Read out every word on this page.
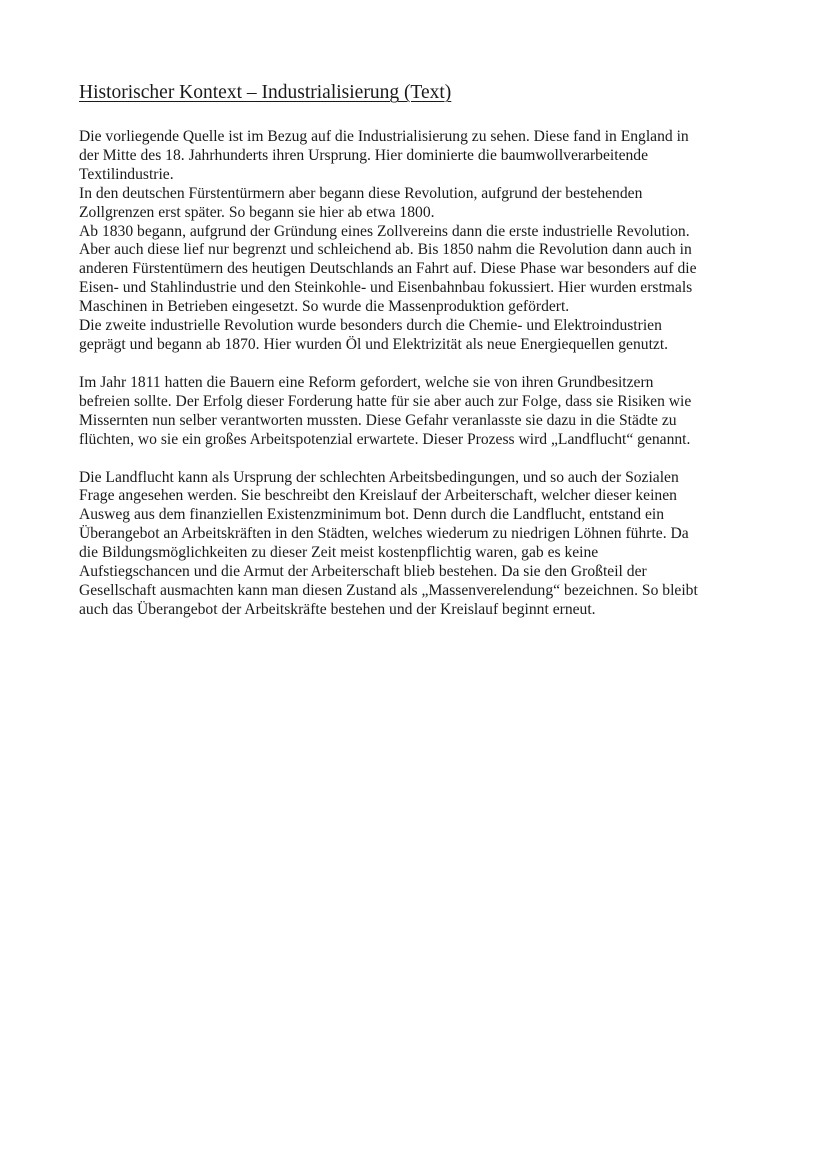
Historischer Kontext – Industrialisierung (Text)
Die vorliegende Quelle ist im Bezug auf die Industrialisierung zu sehen. Diese fand in England in
der Mitte des 18. Jahrhunderts ihren Ursprung. Hier dominierte die baumwollverarbeitende
Textilindustrie.
In den deutschen Fürstentürmern aber begann diese Revolution, aufgrund der bestehenden
Zollgrenzen erst später. So begann sie hier ab etwa 1800.
Ab 1830 begann, aufgrund der Gründung eines Zollvereins dann die erste industrielle Revolution.
Aber auch diese lief nur begrenzt und schleichend ab. Bis 1850 nahm die Revolution dann auch in
anderen Fürstentümern des heutigen Deutschlands an Fahrt auf. Diese Phase war besonders auf die
Eisen- und Stahlindustrie und den Steinkohle- und Eisenbahnbau fokussiert. Hier wurden erstmals
Maschinen in Betrieben eingesetzt. So wurde die Massenproduktion gefördert.
Die zweite industrielle Revolution wurde besonders durch die Chemie- und Elektroindustrien
geprägt und begann ab 1870. Hier wurden Öl und Elektrizität als neue Energiequellen genutzt.
Im Jahr 1811 hatten die Bauern eine Reform gefordert, welche sie von ihren Grundbesitzern
befreien sollte. Der Erfolg dieser Forderung hatte für sie aber auch zur Folge, dass sie Risiken wie
Missernten nun selber verantworten mussten. Diese Gefahr veranlasste sie dazu in die Städte zu
flüchten, wo sie ein großes Arbeitspotenzial erwartete. Dieser Prozess wird „Landflucht“ genannt.
Die Landflucht kann als Ursprung der schlechten Arbeitsbedingungen, und so auch der Sozialen
Frage angesehen werden. Sie beschreibt den Kreislauf der Arbeiterschaft, welcher dieser keinen
Ausweg aus dem finanziellen Existenzminimum bot. Denn durch die Landflucht, entstand ein
Überangebot an Arbeitskräften in den Städten, welches wiederum zu niedrigen Löhnen führte. Da
die Bildungsmöglichkeiten zu dieser Zeit meist kostenpflichtig waren, gab es keine
Aufstiegschancen und die Armut der Arbeiterschaft blieb bestehen. Da sie den Großteil der
Gesellschaft ausmachten kann man diesen Zustand als „Massenverelendung“ bezeichnen. So bleibt
auch das Überangebot der Arbeitskräfte bestehen und der Kreislauf beginnt erneut.
